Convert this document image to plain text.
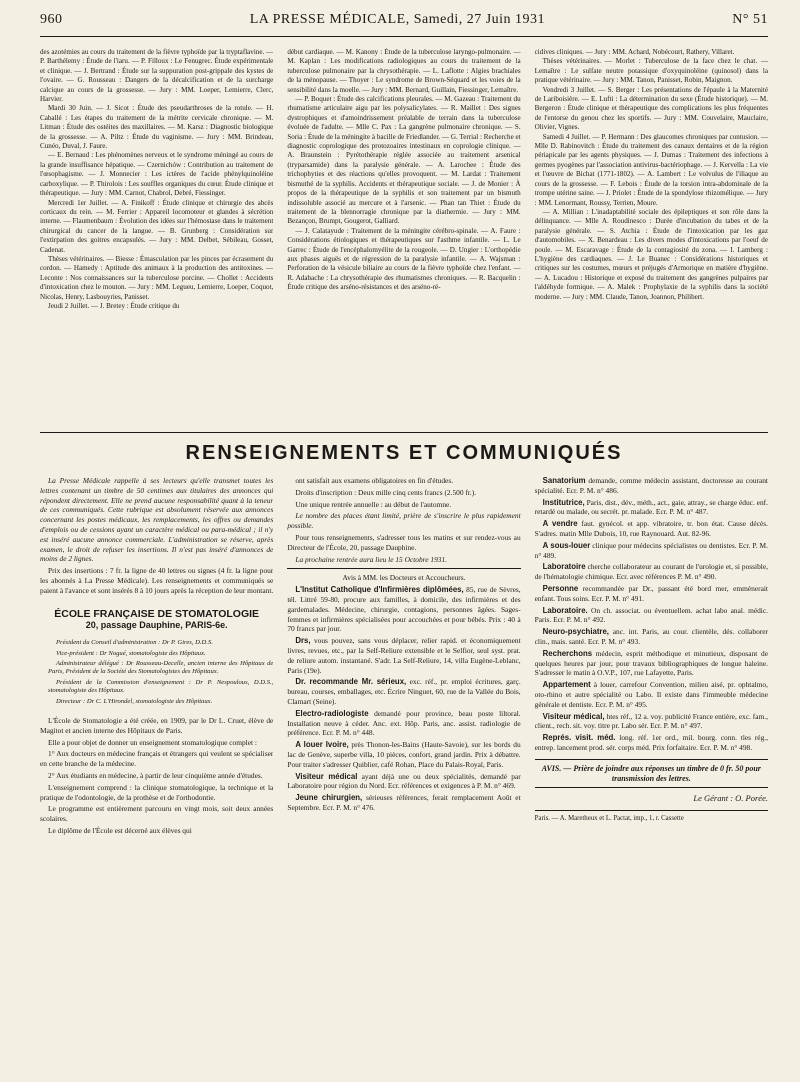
960	LA PRESSE MÉDICALE, Samedi, 27 Juin 1931	N° 51

des azotémies au cours du traitement de la fièvre typhoïde par la tryptaflavine. — P. Barthélemy : Étude de l'iaru. — P. Filloux : Le Fenugrec. Étude expérimentale et clinique. — J. Bertrand : Étude sur la suppuration post-grippale des kystes de l'ovaire. — G. Rousseau : Dangers de la décalcification et de la surcharge calcique au cours de la grossesse. — Jury : MM. Loeper, Lemierre, Clerc, Harvier.

Mardi 30 Juin. — J. Sicot : Étude des pseudarthroses de la rotule. — H. Caballé : Les étapes du traitement de la métrite cervicale chronique. — M. Litman : Étude des ostéites des maxillaires. — M. Karsz : Diagnostic biologique de la grossesse. — A. Piltz : Étude du vaginisme. — Jury : MM. Brindeau, Cunéo, Duval, J. Faure.

— E. Bernaud : Les phénomènes nerveux et le syndrome méningé au cours de la grande insuffisance hépatique. — Czernichów : Contribution au traitement de l'œsophagisme. — J. Monnecier : Les ictères de l'acide phénylquinoléine carboxylique. — P. Thirolois : Les souffles organiques du cœur. Étude clinique et thérapeutique. — Jury : MM. Carnot, Chabrol, Debré, Fiessinger.

Mercredi 1er Juillet. — A. Finikoff : Étude clinique et chirurgie des abcès corticaux du rein. — M. Ferrier : Appareil locomoteur et glandes à sécrétion interne. — Flaumenbaum : Évolution des idées sur l'hémostase dans le traitement chirurgical du cancer de la langue. — B. Grunberg : Considération sur l'extirpation des goitres encapsulés. — Jury : MM. Delbet, Sébileau, Gosset, Cadenat.

Thèses vétérinaires. — Biesse : Émasculation par les pinces par écrasement du cordon. — Hamedy : Aptitude des animaux à la production des antitoxines. — Leconte : Nos connaissances sur la tuberculose porcine. — Chollet : Accidents d'intoxication chez le mouton. — Jury : MM. Legueu, Lemierre, Loeper, Coquot, Nicolas, Henry, Lasbouyries, Panisset.

Jeudi 2 Juillet. — J. Bretey : Étude critique du

début cardiaque. — M. Kanony : Étude de la tuberculose laryngo-pulmonaire. — M. Kaplan : Les modifications radiologiques au cours du traitement de la tuberculose pulmonaire par la chrysothérapie. — L. Laflotte : Algies brachiales de la ménopause. — Thoyer : Le syndrome de Brown-Séquard et les voies de la sensibilité dans la moelle. — Jury : MM. Bernard, Guillain, Fiessinger, Lemaître.

— P. Boquet : Étude des calcifications pleurales. — M. Gazeau : Traitement du rhumatisme articulaire aigu par les polysalicylates. — R. Maillet : Des signes dystrophiques et d'amoindrissement préalable de terrain dans la tuberculose évoluée de l'adulte. — Mlle C. Pax : La gangrène pulmonaire chronique. — S. Soria : Étude de la méningite à bacille de Friedlander. — G. Terrial : Recherche et diagnostic coprologique des protozoaires intestinaux en coprologie clinique. — A. Braunstein : Pyrétothérapie réglée associée au traitement arsenical (tryparsamide) dans la paralysie générale. — A. Larocheе : Étude des trichophyties et des réactions qu'elles provoquent. — M. Lardat : Traitement bismuthé de la syphilis. Accidents et thérapeutique sociale. — J. de Monier : À propos de la thérapeutique de la syphilis et son traitement par un bismuth indissoluble associé au mercure et à l'arsenic. — Phan tan Thiet : Étude du traitement de la blennorragie chronique par la diathermie. — Jury : MM. Bezançon, Brumpt, Gougerot, Galliard.

— J. Calatayude : Traitement de la méningite cérébro-spinale. — A. Faure : Considérations étiologiques et thérapeutiques sur l'asthme infantile. — L. Le Garrec : Étude de l'encéphalomyélite de la rougeole. — D. Ungier : L'orthopédie aux phases aiguës et de régression de la paralysie infantile. — A. Wajsman : Perforation de la vésicule biliaire au cours de la fièvre typhoïde chez l'enfant. — R. Adabache : La chrysothérapie des rhumatismes chroniques. — R. Bacquelin : Étude critique des arséno-résistances et des arséno-ré-

cidives cliniques. — Jury : MM. Achard, Nobécourt, Rathery, Villaret.

Thèses vétérinaires. — Morlet : Tuberculose de la face chez le chat. — Lemaître : Le sulfate neutre potassique d'oxyquinoléine (quinosol) dans la pratique vétérinaire. — Jury : MM. Tanon, Panisset, Robin, Maignon.

Vendredi 3 Juillet. — S. Berger : Les présentations de l'épaule à la Maternité de Lariboisière. — E. Lufti : La détermination du sexe (Étude historique). — M. Bergeron : Étude clinique et thérapeutique des complications les plus fréquentes de l'entorse du genou chez les sportifs. — Jury : MM. Couvelaire, Mauclaire, Olivier, Vignes.

Samedi 4 Juillet. — P. Hermann : Des glaucomes chroniques par contusion. — Mlle D. Rabinovitch : Étude du traitement des canaux dentaires et de la région périapicale par les agents physiques. — J. Dumas : Traitement des infections à germes pyogènes par l'association antivirus-bactériophage. — J. Kervella : La vie et l'œuvre de Bichat (1771-1802). — A. Lambert : Le volvulus de l'iliaque au cours de la grossesse. — F. Lebois : Étude de la torsion intra-abdominale de la trompe utérine saine. — J. Priolet : Étude de la spondylose rhizomélique. — Jury : MM. Lenormant, Roussy, Terrien, Moure.

— A. Millian : L'inadaptabilité sociale des épileptiques et son rôle dans la délinquance. — Mlle A. Roudinesco : Durée d'incubation du tabes et de la paralysie générale. — S. Atchia : Étude de l'intoxication par les gaz d'automobiles. — X. Benardeau : Les divers modes d'intoxications par l'oeuf de poule. — M. Escaravage : Étude de la contagiosité du zona. — I. Lamberg : L'hygiène des cardiaques. — J. Le Buanec : Considérations historiques et critiques sur les costumes, mœurs et préjugés d'Armorique en matière d'hygiène. — A. Lucadou : Historique et exposé du traitement des gangrènes pulpaires par l'aldéhyde formique. — A. Malek : Prophylaxie de la syphilis dans la société moderne. — Jury : MM. Claude, Tanon, Joannon, Philibert.

RENSEIGNEMENTS ET COMMUNIQUÉS

La Presse Médicale rappelle à ses lecteurs qu'elle transmet toutes les lettres contenant un timbre de 50 centimes aux titulaires des annonces qui répondent directement. Elle ne prend aucune responsabilité quant à la teneur de ces communiqués. Cette rubrique est absolument réservée aux annonces concernant les postes médicaux, les remplacements, les offres ou demandes d'emplois ou de cessions ayant un caractère médical ou para-médical ; il n'y est inséré aucune annonce commerciale. L'administration se réserve, après examen, le droit de refuser les insertions. Il n'est pas inséré d'annonces de moins de 2 lignes.

Prix des insertions : 7 fr. la ligne de 40 lettres ou signes (4 fr. la ligne pour les abonnés à La Presse Médicale). Les renseignements et communiqués se paient à l'avance et sont insérés 8 à 10 jours après la réception de leur montant.

ÉCOLE FRANÇAISE DE STOMATOLOGIE
20, passage Dauphine, PARIS-6e.

Président du Conseil d'administration : Dr P. Gires, D.D.S.

Vice-président : Dr Nogué, stomatologiste des Hôpitaux.

Administrateur délégué : Dr Rousseau-Decelle, ancien interne des Hôpitaux de Paris, Président de la Société des Stomatologistes des Hôpitaux.

Président de la Commission d'enseignement : Dr P. Nespoulous, D.D.S., stomatologiste des Hôpitaux.

Directeur : Dr C. L'Hirondel, stomatologiste des Hôpitaux.

L'École de Stomatologie a été créée, en 1909, par le Dr L. Cruet, élève de Magitot et ancien interne des Hôpitaux de Paris.

Elle a pour objet de donner un enseignement stomatologique complet :

1° Aux docteurs en médecine français et étrangers qui veulent se spécialiser en cette branche de la médecine.

2° Aux étudiants en médecine, à partir de leur cinquième année d'études.

L'enseignement comprend : la clinique stomatologique, la technique et la pratique de l'odontologie, de la prothèse et de l'orthodontie.

Le programme est entièrement parcouru en vingt mois, soit deux années scolaires.

Le diplôme de l'École est décerné aux élèves qui

ont satisfait aux examens obligatoires en fin d'études.

Droits d'inscription : Deux mille cinq cents francs (2.500 fr.).

Une unique rentrée annuelle : au début de l'automne.

Le nombre des places étant limité, prière de s'inscrire le plus rapidement possible.

Pour tous renseignements, s'adresser tous les matins et sur rendez-vous au Directeur de l'École, 20, passage Dauphine.

La prochaine rentrée aura lieu le 15 Octobre 1931.

Avis à MM. les Docteurs et Accoucheurs.

L'Institut Catholique d'Infirmières diplômées, 85, rue de Sèvres, tél. Littré 59-80, procure aux familles, à domicile, des infirmières et des gardemalades. Médecine, chirurgie, contagions, personnes âgées. Sages-femmes et infirmières spécialisées pour accouchées et pour bébés. Prix : 40 à 70 francs par jour.

Drs, vous pouvez, sans vous déplacer, relier rapid. et économiquement livres, revues, etc., par la Self-Reliure extensible et le Selfior, seul syst. prat. de reliure autom. instantané. S'adr. La Self-Reliure, 14, villa Eugène-Leblanc, Paris (19e).

Dr. recommande Mr. sérieux, exc. réf., pr. emploi écritures, garç. bureau, courses, emballages, etc. Écrire Ninguet, 60, rue de la Vallée du Bois, Clamart (Seine).

Electro-radiologiste demandé pour province, beau poste liltoral. Installation neuve à céder. Anc. ext. Hôp. Paris, anc. assist. radiologie de préférence. Ecr. P. M. n° 448.

A louer Ivoire, près Thonon-les-Bains (Haute-Savoie), sur les bords du lac de Genève, superbe villa, 10 pièces, confort, grand jardin. Prix à débattre. Pour traiter s'adresser Quiblier, café Rohan, Place du Palais-Royal, Paris.

Visiteur médical ayant déjà une ou deux spécialités, demandé par Laboratoire pour région du Nord. Ecr. références et exigences à P. M. n° 469.

Jeune chirurgien, sérieuses références, ferait remplacement Août et Septembre. Ecr. P. M. n° 476.

Sanatorium demande, comme médecin assistant, doctoresse au courant spécialité. Ecr. P. M. n° 486.

Institutrice, Paris, dist., dév., méth., act., gaie, attray., se charge éduc. enf. retardé ou malade, ou secrét. pr. malade. Ecr. P. M. n° 487.

A vendre faut. gynécol. et app. vibratoire, tr. bon état. Cause décès. S'adres. matin Mlle Dubois, 10, rue Raynouard. Aut. 82-96.

A sous-louer clinique pour médecins spécialistes ou dentistes. Ecr. P. M. n° 489.

Laboratoire cherche collaborateur au courant de l'urologie et, si possible, de l'hématologie chimique. Ecr. avec références P. M. n° 490.

Personne recommandée par Dr., passant été bord mer, emmènerait enfant. Tous soins. Ecr. P. M. n° 491.

Laboratoire. On ch. associat. ou éventuellem. achat labo anal. médic. Paris. Ecr. P. M. n° 492.

Neuro-psychiatre, anc. int. Paris, au cour. clientèle, dés. collaborer clin., mais. santé. Ecr. P. M. n° 493.

Recherchons médecin, esprit méthodique et minutieux, disposant de quelques heures par jour, pour travaux bibliographiques de longue haleine. S'adresser le matin à O.V.P., 107, rue Lafayette, Paris.

Appartement à louer, carrefour Convention, milieu aisé, pr. ophtalmo, oto-rhino et autre spécialité ou Labo. Il existe dans l'immeuble médecine générale et dentiste. Ecr. P. M. n° 495.

Visiteur médical, htes réf., 12 a. voy. publicité France entière, exc. fam., client., rech. sit. voy. titre pr. Labo sér. Ecr. P. M. n° 497.

Représ. visit. méd. long. réf. 1er ord., mil. bourg. conn. tles rég., entrep. lancement prod. sér. corps méd. Prix forfaitaire. Ecr. P. M. n° 498.

AVIS. — Prière de joindre aux réponses un timbre de 0 fr. 50 pour transmission des lettres.
Le Gérant : O. Porée.
Paris. — A. Maretheux et L. Pactat, imp., 1, r. Cassette
